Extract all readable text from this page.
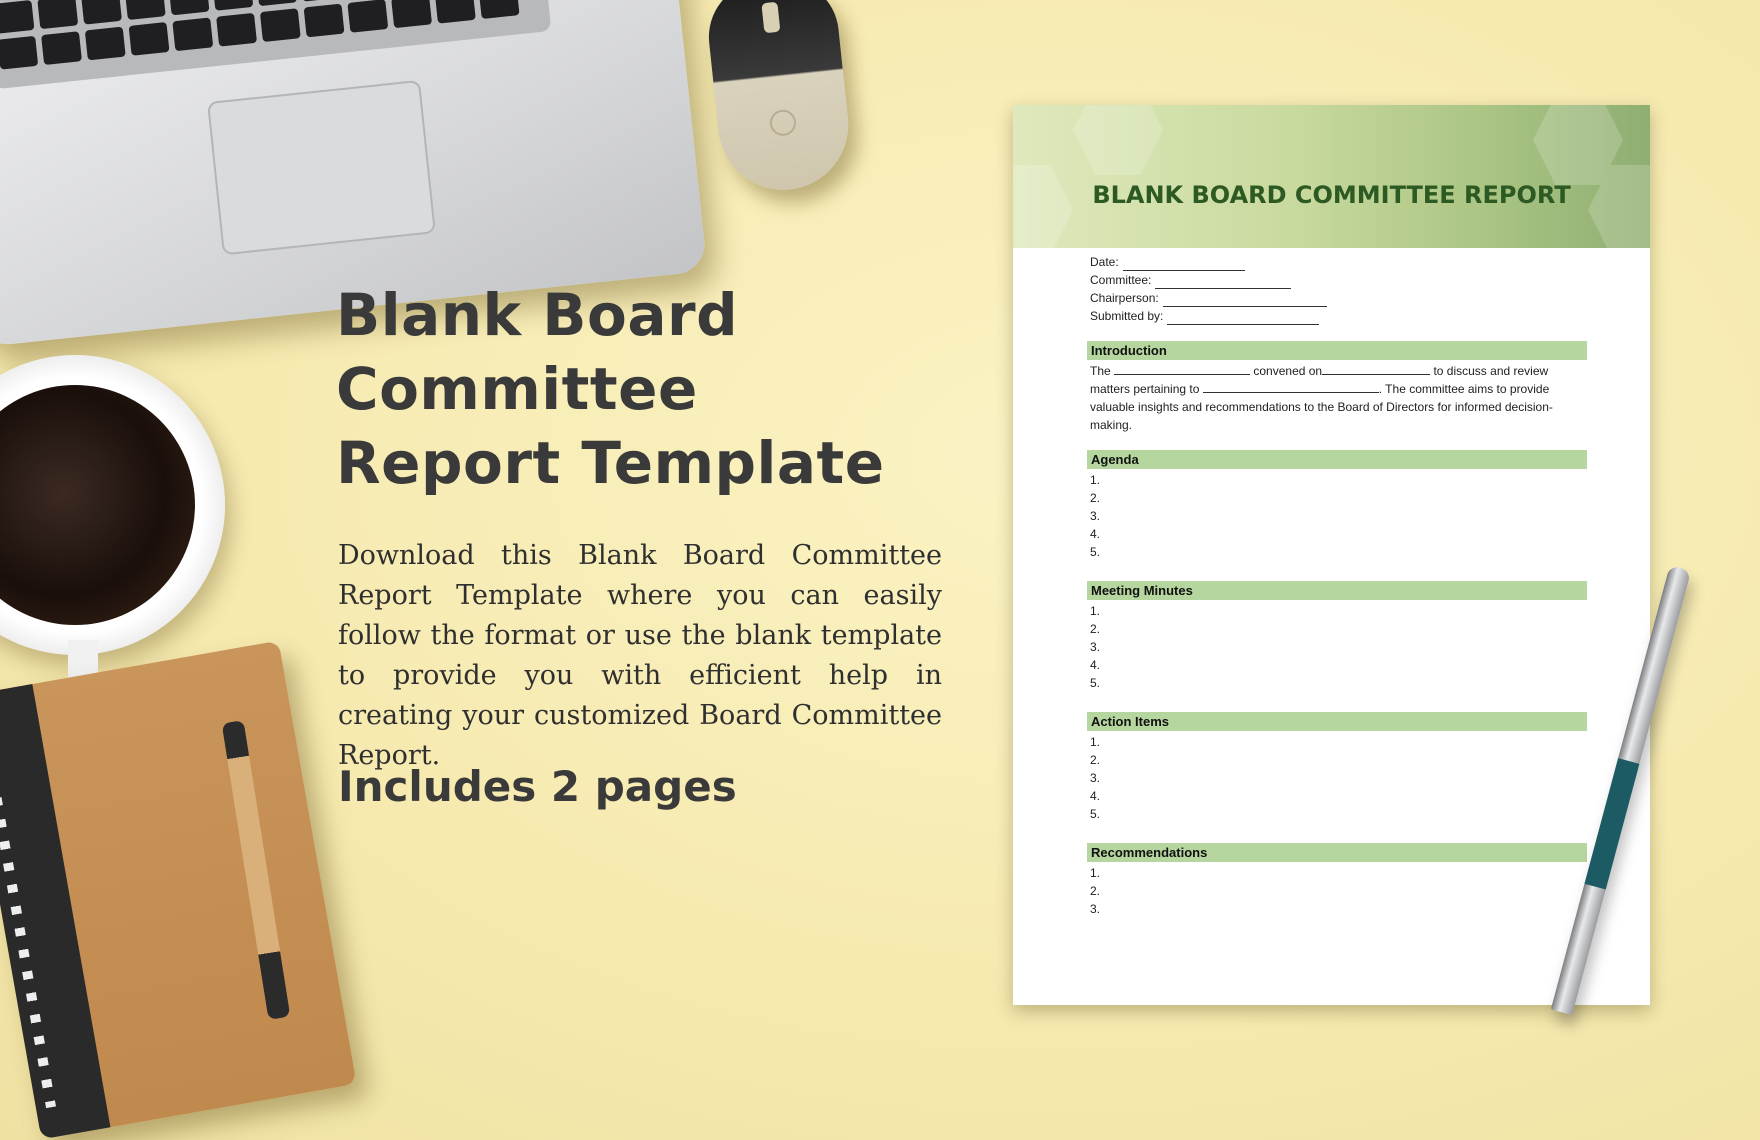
Blank Board Committee Report Template

Download this Blank Board Committee Report Template where you can easily follow the format or use the blank template to provide you with efficient help in creating your customized Board Committee Report.

Includes 2 pages

BLANK BOARD COMMITTEE REPORT
Date:
Committee:
Chairperson:
Submitted by:
Introduction

The	convened on	to discuss and review matters pertaining to	. The committee aims to provide valuable insights and recommendations to the Board of Directors for informed decision-making.

Agenda
1.
2.
3.
4.
5.
Meeting Minutes
1.
2.
3.
4.
5.
Action Items
1.
2.
3.
4.
5.
Recommendations
1.
2.
3.
